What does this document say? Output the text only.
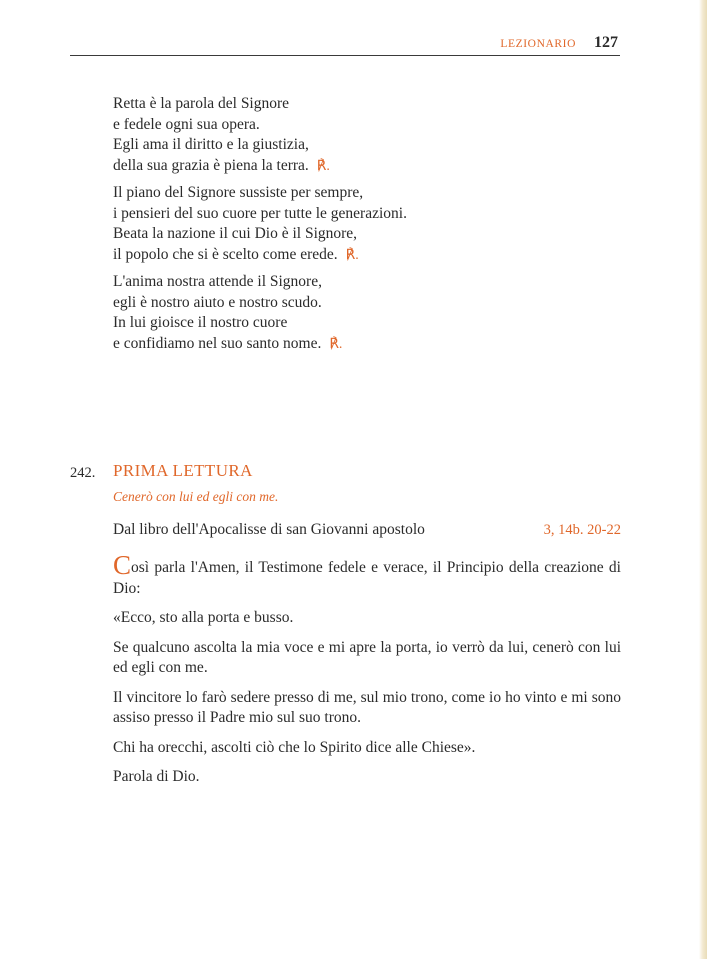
LEZIONARIO 127
Retta è la parola del Signore
e fedele ogni sua opera.
Egli ama il diritto e la giustizia,
della sua grazia è piena la terra. ℟.
Il piano del Signore sussiste per sempre,
i pensieri del suo cuore per tutte le generazioni.
Beata la nazione il cui Dio è il Signore,
il popolo che si è scelto come erede. ℟.
L'anima nostra attende il Signore,
egli è nostro aiuto e nostro scudo.
In lui gioisce il nostro cuore
e confidiamo nel suo santo nome. ℟.
242. PRIMA LETTURA
Cenerò con lui ed egli con me.
Dal libro dell'Apocalisse di san Giovanni apostolo	3, 14b. 20-22

Così parla l'Amen, il Testimone fedele e verace, il Principio della creazione di Dio:

«Ecco, sto alla porta e busso.

Se qualcuno ascolta la mia voce e mi apre la porta, io verrò da lui, cenerò con lui ed egli con me.

Il vincitore lo farò sedere presso di me, sul mio trono, come io ho vinto e mi sono assiso presso il Padre mio sul suo trono.

Chi ha orecchi, ascolti ciò che lo Spirito dice alle Chiese».

Parola di Dio.
